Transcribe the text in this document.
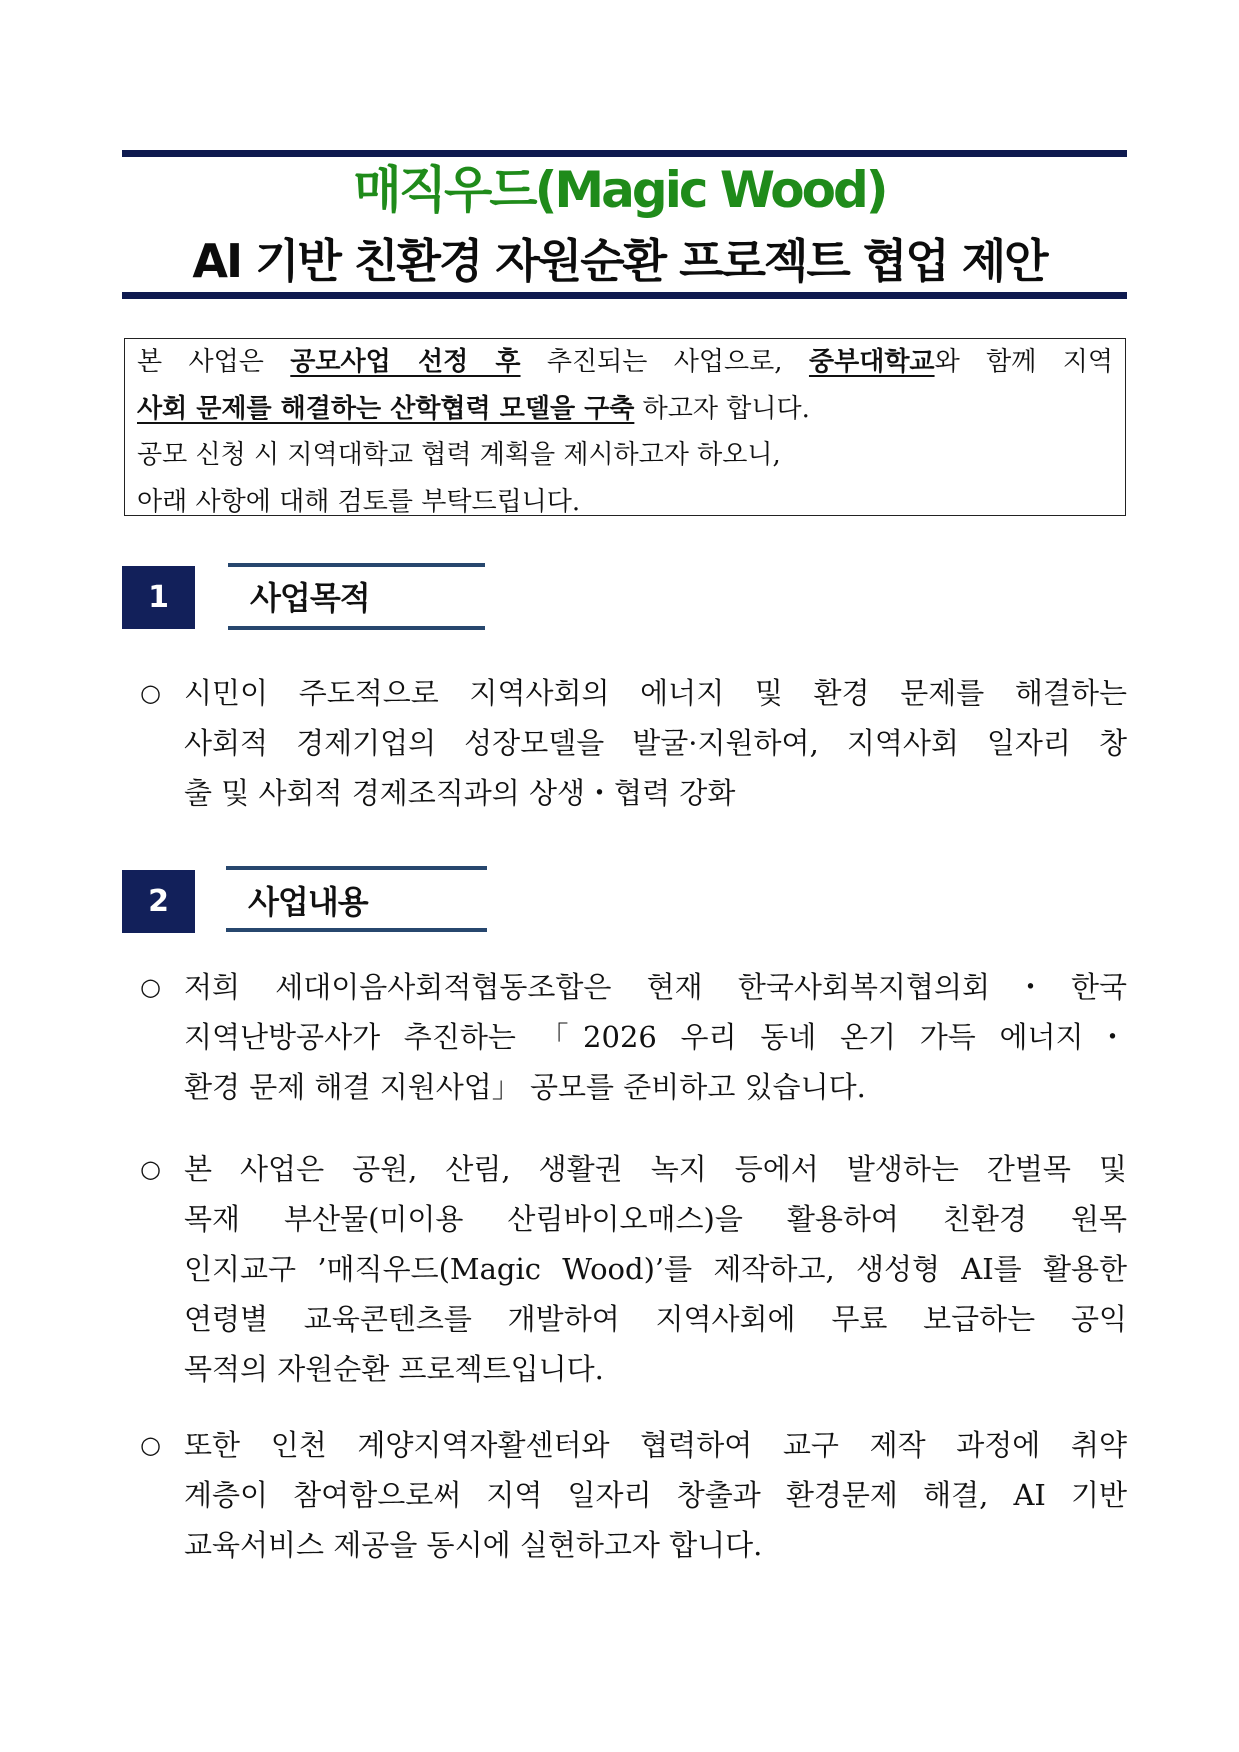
매직우드(Magic Wood)
AI 기반 친환경 자원순환 프로젝트 협업 제안
본 사업은 공모사업 선정 후 추진되는 사업으로, 중부대학교와 함께 지역
사회 문제를 해결하는 산학협력 모델을 구축 하고자 합니다.
공모 신청 시 지역대학교 협력 계획을 제시하고자 하오니,
아래 사항에 대해 검토를 부탁드립니다.
1	사업목적
○ 시민이 주도적으로 지역사회의 에너지 및 환경 문제를 해결하는
사회적 경제기업의 성장모델을 발굴·지원하여, 지역사회 일자리 창
출 및 사회적 경제조직과의 상생・협력 강화
2	사업내용
○ 저희 세대이음사회적협동조합은 현재 한국사회복지협의회・한국
지역난방공사가 추진하는 「2026 우리 동네 온기 가득 에너지・
환경 문제 해결 지원사업」 공모를 준비하고 있습니다.
○ 본 사업은 공원, 산림, 생활권 녹지 등에서 발생하는 간벌목 및
목재 부산물(미이용 산림바이오매스)을 활용하여 친환경 원목
인지교구 ’매직우드(Magic Wood)’를 제작하고, 생성형 AI를 활용한
연령별 교육콘텐츠를 개발하여 지역사회에 무료 보급하는 공익
목적의 자원순환 프로젝트입니다.
○ 또한 인천 계양지역자활센터와 협력하여 교구 제작 과정에 취약
계층이 참여함으로써 지역 일자리 창출과 환경문제 해결, AI 기반
교육서비스 제공을 동시에 실현하고자 합니다.
